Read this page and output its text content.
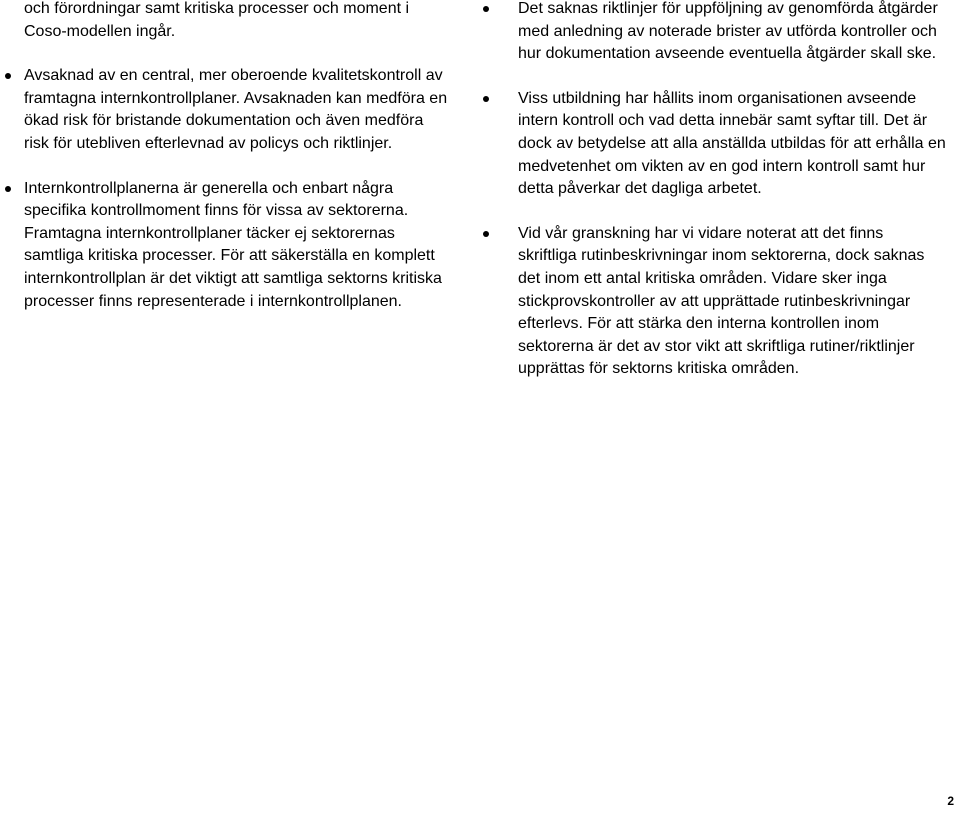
och förordningar samt kritiska processer och moment i
Coso-modellen ingår.

Avsaknad av en central, mer oberoende kvalitetskontroll av
framtagna internkontrollplaner. Avsaknaden kan medföra en
ökad risk för bristande dokumentation och även medföra
risk för utebliven efterlevnad av policys och riktlinjer.
Internkontrollplanerna är generella och enbart några
specifika kontrollmoment finns för vissa av sektorerna.
Framtagna internkontrollplaner täcker ej sektorernas
samtliga kritiska processer. För att säkerställa en komplett
internkontrollplan är det viktigt att samtliga sektorns kritiska
processer finns representerade i internkontrollplanen.
Det saknas riktlinjer för uppföljning av genomförda åtgärder
med anledning av noterade brister av utförda kontroller och
hur dokumentation avseende eventuella åtgärder skall ske.
Viss utbildning har hållits inom organisationen avseende
intern kontroll och vad detta innebär samt syftar till. Det är
dock av betydelse att alla anställda utbildas för att erhålla en
medvetenhet om vikten av en god intern kontroll samt hur
detta påverkar det dagliga arbetet.
Vid vår granskning har vi vidare noterat att det finns
skriftliga rutinbeskrivningar inom sektorerna, dock saknas
det inom ett antal kritiska områden. Vidare sker inga
stickprovskontroller av att upprättade rutinbeskrivningar
efterlevs. För att stärka den interna kontrollen inom
sektorerna är det av stor vikt att skriftliga rutiner/riktlinjer
upprättas för sektorns kritiska områden.
2
